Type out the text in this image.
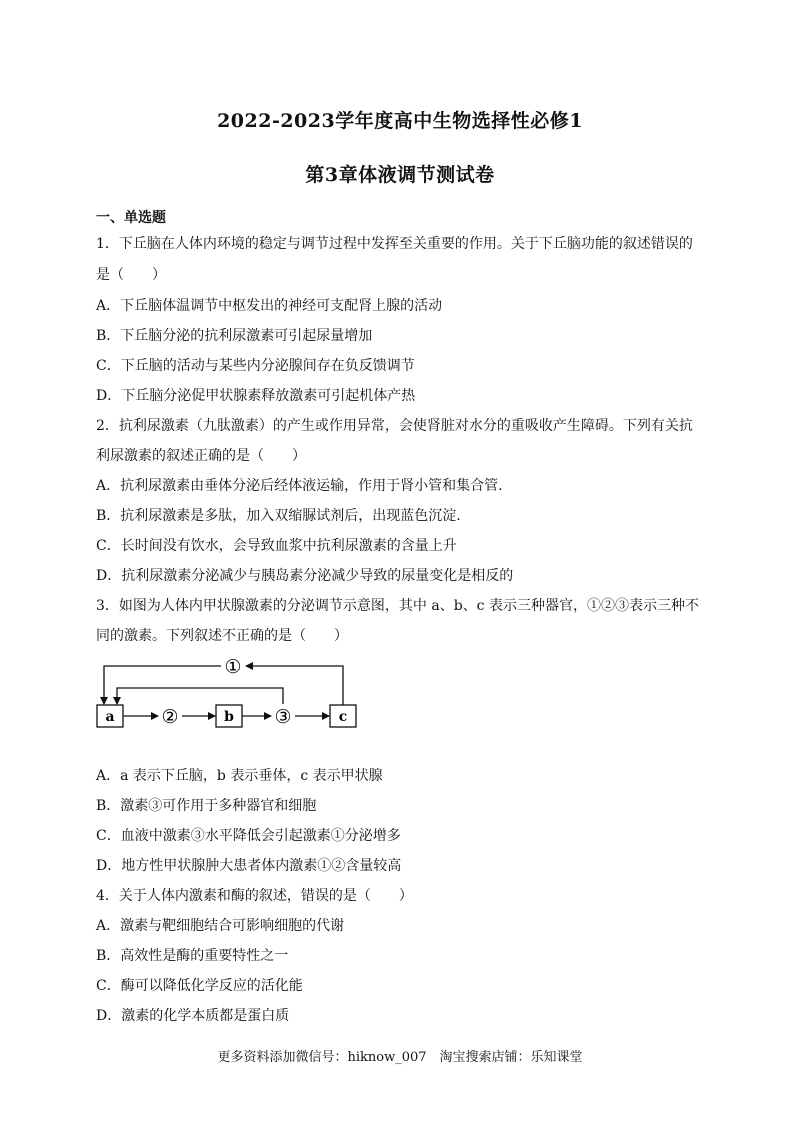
2022-2023学年度高中生物选择性必修1
第3章体液调节测试卷
一、单选题
1．下丘脑在人体内环境的稳定与调节过程中发挥至关重要的作用。关于下丘脑功能的叙述错误的
是（　　）
A．下丘脑体温调节中枢发出的神经可支配肾上腺的活动
B．下丘脑分泌的抗利尿激素可引起尿量增加
C．下丘脑的活动与某些内分泌腺间存在负反馈调节
D．下丘脑分泌促甲状腺素释放激素可引起机体产热
2．抗利尿激素（九肽激素）的产生或作用异常，会使肾脏对水分的重吸收产生障碍。下列有关抗
利尿激素的叙述正确的是（　　）
A．抗利尿激素由垂体分泌后经体液运输，作用于肾小管和集合管.
B．抗利尿激素是多肽，加入双缩脲试剂后，出现蓝色沉淀.
C．长时间没有饮水，会导致血浆中抗利尿激素的含量上升
D．抗利尿激素分泌减少与胰岛素分泌减少导致的尿量变化是相反的
3．如图为人体内甲状腺激素的分泌调节示意图，其中 a、b、c 表示三种器官，①②③表示三种不
同的激素。下列叙述不正确的是（　　）
a	b	c
①
②	③
A．a 表示下丘脑，b 表示垂体，c 表示甲状腺
B．激素③可作用于多种器官和细胞
C．血液中激素③水平降低会引起激素①分泌增多
D．地方性甲状腺肿大患者体内激素①②含量较高
4．关于人体内激素和酶的叙述，错误的是（　　）
A．激素与靶细胞结合可影响细胞的代谢
B．高效性是酶的重要特性之一
C．酶可以降低化学反应的活化能
D．激素的化学本质都是蛋白质
更多资料添加微信号：hiknow_007　淘宝搜索店铺：乐知课堂
